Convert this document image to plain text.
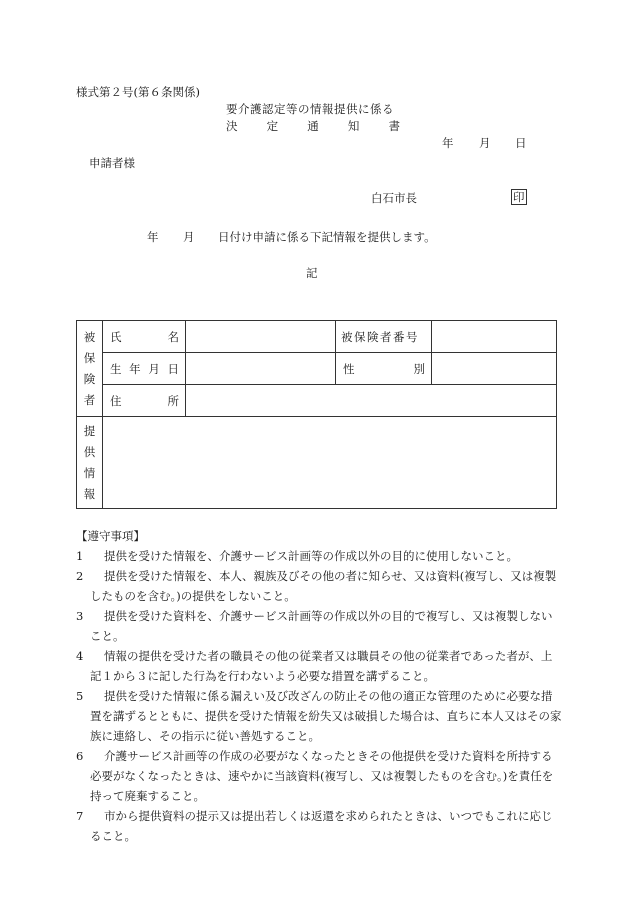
様式第２号(第６条関係)
要介護認定等の情報提供に係る
決	定	通	知	書
年 月 日
申請者様
白石市長	印
年 月 日付け申請に係る下記情報を提供します。
記
被保険者	氏 名		被保険者番号	

	生 年 月 日		性 別	

	住 所			

提供情報				
【遵守事項】
1	提供を受けた情報を、介護サービス計画等の作成以外の目的に使用しないこと。
2	提供を受けた情報を、本人、親族及びその他の者に知らせ、又は資料(複写し、又は複製したものを含む。)の提供をしないこと。
3	提供を受けた資料を、介護サービス計画等の作成以外の目的で複写し、又は複製しないこと。
4	情報の提供を受けた者の職員その他の従業者又は職員その他の従業者であった者が、上記１から３に記した行為を行わないよう必要な措置を講ずること。
5	提供を受けた情報に係る漏えい及び改ざんの防止その他の適正な管理のために必要な措置を講ずるとともに、提供を受けた情報を紛失又は破損した場合は、直ちに本人又はその家族に連絡し、その指示に従い善処すること。
6	介護サービス計画等の作成の必要がなくなったときその他提供を受けた資料を所持する必要がなくなったときは、速やかに当該資料(複写し、又は複製したものを含む。)を責任を持って廃棄すること。
7	市から提供資料の提示又は提出若しくは返還を求められたときは、いつでもこれに応じること。
